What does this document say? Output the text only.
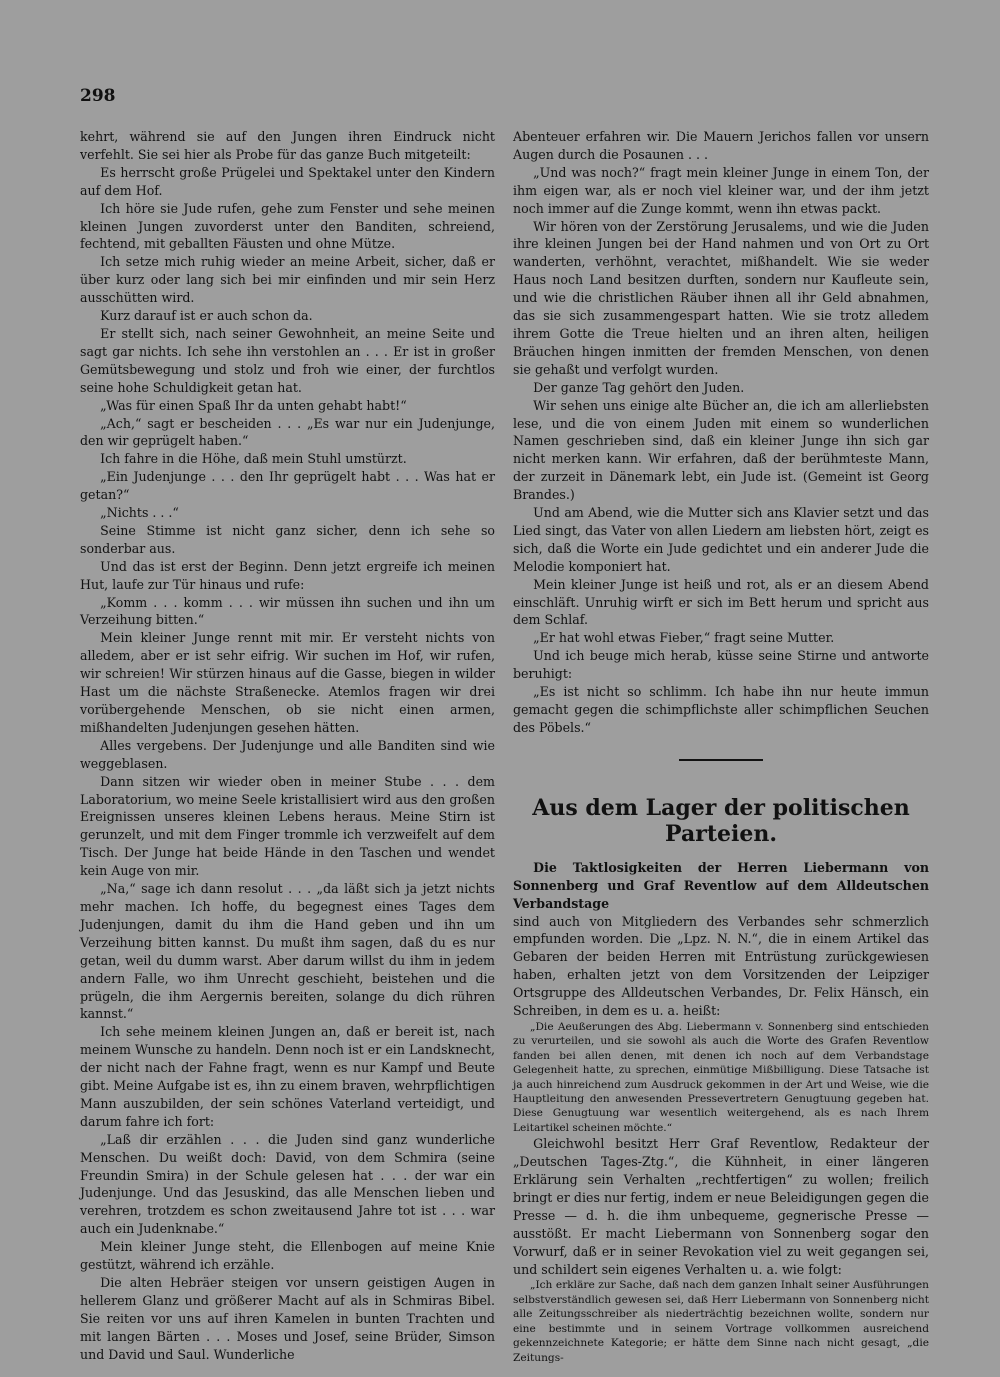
298

kehrt, während sie auf den Jungen ihren Eindruck nicht verfehlt. Sie sei hier als Probe für das ganze Buch mitgeteilt:

Es herrscht große Prügelei und Spektakel unter den Kindern auf dem Hof.

Ich höre sie Jude rufen, gehe zum Fenster und sehe meinen kleinen Jungen zuvorderst unter den Banditen, schreiend, fechtend, mit geballten Fäusten und ohne Mütze.

Ich setze mich ruhig wieder an meine Arbeit, sicher, daß er über kurz oder lang sich bei mir einfinden und mir sein Herz ausschütten wird.

Kurz darauf ist er auch schon da.

Er stellt sich, nach seiner Gewohnheit, an meine Seite und sagt gar nichts. Ich sehe ihn verstohlen an . . . Er ist in großer Gemütsbewegung und stolz und froh wie einer, der furchtlos seine hohe Schuldigkeit getan hat.

„Was für einen Spaß Ihr da unten gehabt habt!“

„Ach,“ sagt er bescheiden . . . „Es war nur ein Judenjunge, den wir geprügelt haben.“

Ich fahre in die Höhe, daß mein Stuhl umstürzt.

„Ein Judenjunge . . . den Ihr geprügelt habt . . . Was hat er getan?“

„Nichts . . .“

Seine Stimme ist nicht ganz sicher, denn ich sehe so sonderbar aus.

Und das ist erst der Beginn. Denn jetzt ergreife ich meinen Hut, laufe zur Tür hinaus und rufe:

„Komm . . . komm . . . wir müssen ihn suchen und ihn um Verzeihung bitten.“

Mein kleiner Junge rennt mit mir. Er versteht nichts von alledem, aber er ist sehr eifrig. Wir suchen im Hof, wir rufen, wir schreien! Wir stürzen hinaus auf die Gasse, biegen in wilder Hast um die nächste Straßenecke. Atemlos fragen wir drei vorübergehende Menschen, ob sie nicht einen armen, mißhandelten Judenjungen gesehen hätten.

Alles vergebens. Der Judenjunge und alle Banditen sind wie weggeblasen.

Dann sitzen wir wieder oben in meiner Stube . . . dem Laboratorium, wo meine Seele kristallisiert wird aus den großen Ereignissen unseres kleinen Lebens heraus. Meine Stirn ist gerunzelt, und mit dem Finger trommle ich verzweifelt auf dem Tisch. Der Junge hat beide Hände in den Taschen und wendet kein Auge von mir.

„Na,“ sage ich dann resolut . . . „da läßt sich ja jetzt nichts mehr machen. Ich hoffe, du begegnest eines Tages dem Judenjungen, damit du ihm die Hand geben und ihn um Verzeihung bitten kannst. Du mußt ihm sagen, daß du es nur getan, weil du dumm warst. Aber darum willst du ihm in jedem andern Falle, wo ihm Unrecht geschieht, beistehen und die prügeln, die ihm Aergernis bereiten, solange du dich rühren kannst.“

Ich sehe meinem kleinen Jungen an, daß er bereit ist, nach meinem Wunsche zu handeln. Denn noch ist er ein Landsknecht, der nicht nach der Fahne fragt, wenn es nur Kampf und Beute gibt. Meine Aufgabe ist es, ihn zu einem braven, wehrpflichtigen Mann auszubilden, der sein schönes Vaterland verteidigt, und darum fahre ich fort:

„Laß dir erzählen . . . die Juden sind ganz wunderliche Menschen. Du weißt doch: David, von dem Schmira (seine Freundin Smira) in der Schule gelesen hat . . . der war ein Judenjunge. Und das Jesuskind, das alle Menschen lieben und verehren, trotzdem es schon zweitausend Jahre tot ist . . . war auch ein Judenknabe.“

Mein kleiner Junge steht, die Ellenbogen auf meine Knie gestützt, während ich erzähle.

Die alten Hebräer steigen vor unsern geistigen Augen in hellerem Glanz und größerer Macht auf als in Schmiras Bibel. Sie reiten vor uns auf ihren Kamelen in bunten Trachten und mit langen Bärten . . . Moses und Josef, seine Brüder, Simson und David und Saul. Wunderliche

Abenteuer erfahren wir. Die Mauern Jerichos fallen vor unsern Augen durch die Posaunen . . .

„Und was noch?“ fragt mein kleiner Junge in einem Ton, der ihm eigen war, als er noch viel kleiner war, und der ihm jetzt noch immer auf die Zunge kommt, wenn ihn etwas packt.

Wir hören von der Zerstörung Jerusalems, und wie die Juden ihre kleinen Jungen bei der Hand nahmen und von Ort zu Ort wanderten, verhöhnt, verachtet, mißhandelt. Wie sie weder Haus noch Land besitzen durften, sondern nur Kaufleute sein, und wie die christlichen Räuber ihnen all ihr Geld abnahmen, das sie sich zusammengespart hatten. Wie sie trotz alledem ihrem Gotte die Treue hielten und an ihren alten, heiligen Bräuchen hingen inmitten der fremden Menschen, von denen sie gehaßt und verfolgt wurden.

Der ganze Tag gehört den Juden.

Wir sehen uns einige alte Bücher an, die ich am allerliebsten lese, und die von einem Juden mit einem so wunderlichen Namen geschrieben sind, daß ein kleiner Junge ihn sich gar nicht merken kann. Wir erfahren, daß der berühmteste Mann, der zurzeit in Dänemark lebt, ein Jude ist. (Gemeint ist Georg Brandes.)

Und am Abend, wie die Mutter sich ans Klavier setzt und das Lied singt, das Vater von allen Liedern am liebsten hört, zeigt es sich, daß die Worte ein Jude gedichtet und ein anderer Jude die Melodie komponiert hat.

Mein kleiner Junge ist heiß und rot, als er an diesem Abend einschläft. Unruhig wirft er sich im Bett herum und spricht aus dem Schlaf.

„Er hat wohl etwas Fieber,“ fragt seine Mutter.

Und ich beuge mich herab, küsse seine Stirne und antworte beruhigt:

„Es ist nicht so schlimm. Ich habe ihn nur heute immun gemacht gegen die schimpflichste aller schimpflichen Seuchen des Pöbels.“

Aus dem Lager der politischen Parteien.

Die Taktlosigkeiten der Herren Liebermann von Sonnenberg und Graf Reventlow auf dem Alldeutschen Verbandstage

sind auch von Mitgliedern des Verbandes sehr schmerzlich empfunden worden. Die „Lpz. N. N.“, die in einem Artikel das Gebaren der beiden Herren mit Entrüstung zurückgewiesen haben, erhalten jetzt von dem Vorsitzenden der Leipziger Ortsgruppe des Alldeutschen Verbandes, Dr. Felix Hänsch, ein Schreiben, in dem es u. a. heißt:

„Die Aeußerungen des Abg. Liebermann v. Sonnenberg sind entschieden zu verurteilen, und sie sowohl als auch die Worte des Grafen Reventlow fanden bei allen denen, mit denen ich noch auf dem Verbandstage Gelegenheit hatte, zu sprechen, einmütige Mißbilligung. Diese Tatsache ist ja auch hinreichend zum Ausdruck gekommen in der Art und Weise, wie die Hauptleitung den anwesenden Pressevertretern Genugtuung gegeben hat. Diese Genugtuung war wesentlich weitergehend, als es nach Ihrem Leitartikel scheinen möchte.“

Gleichwohl besitzt Herr Graf Reventlow, Redakteur der „Deutschen Tages-Ztg.“, die Kühnheit, in einer längeren Erklärung sein Verhalten „rechtfertigen“ zu wollen; freilich bringt er dies nur fertig, indem er neue Beleidigungen gegen die Presse — d. h. die ihm unbequeme, gegnerische Presse — ausstößt. Er macht Liebermann von Sonnenberg sogar den Vorwurf, daß er in seiner Revokation viel zu weit gegangen sei, und schildert sein eigenes Verhalten u. a. wie folgt:

„Ich erkläre zur Sache, daß nach dem ganzen Inhalt seiner Ausführungen selbstverständlich gewesen sei, daß Herr Liebermann von Sonnenberg nicht alle Zeitungsschreiber als niederträchtig bezeichnen wollte, sondern nur eine bestimmte und in seinem Vortrage vollkommen ausreichend gekennzeichnete Kategorie; er hätte dem Sinne nach nicht gesagt, „die Zeitungs-
